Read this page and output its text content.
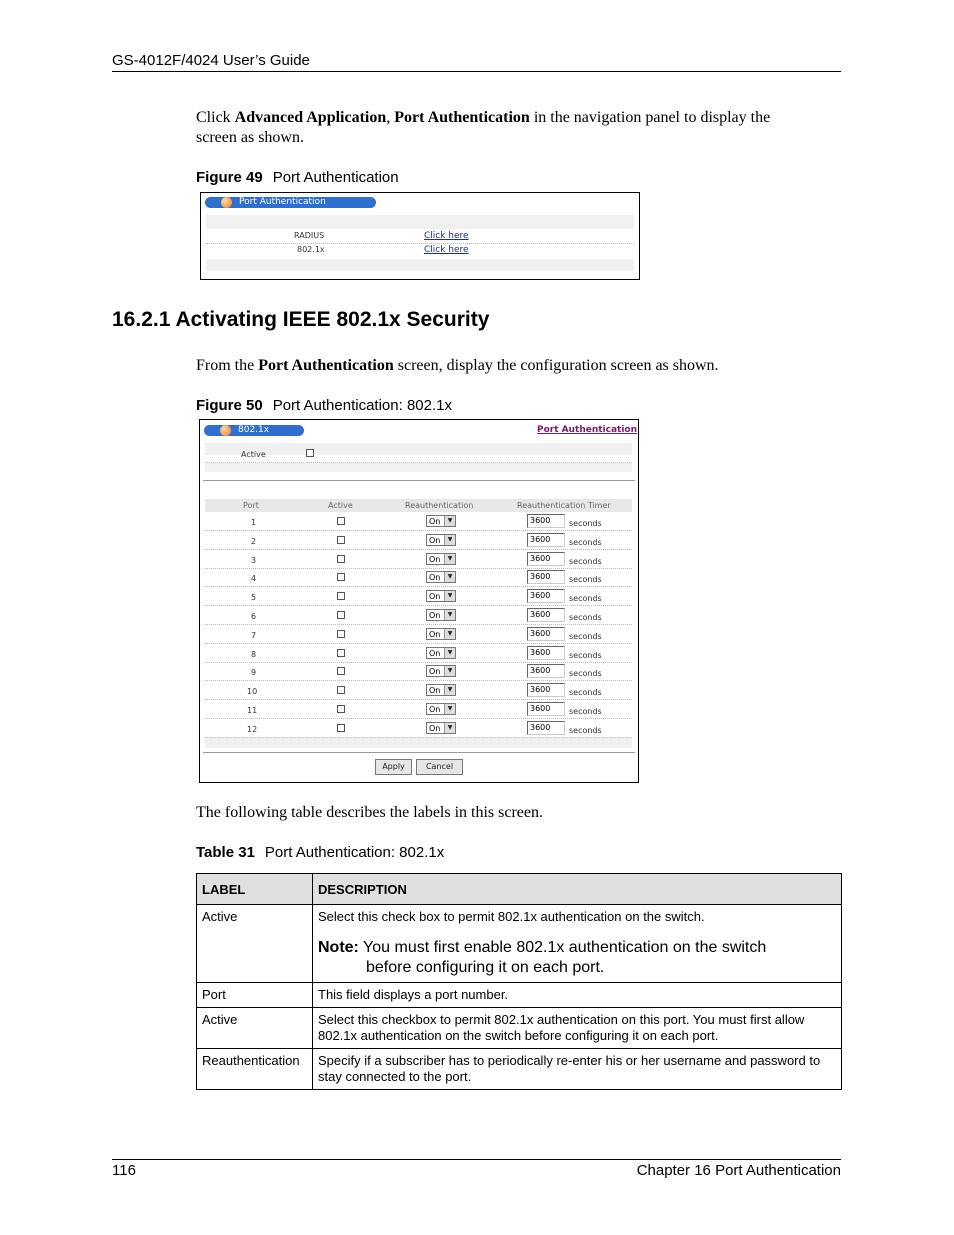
GS-4012F/4024 User’s Guide
Click Advanced Application, Port Authentication in the navigation panel to display the
screen as shown.
Figure 49 Port Authentication
Port Authentication
RADIUS	Click here
802.1x	Click here
16.2.1 Activating IEEE 802.1x Security
From the Port Authentication screen, display the configuration screen as shown.
Figure 50 Port Authentication: 802.1x
802.1x	Port Authentication
Active
Port	Active	Reauthentication	Reauthentication Timer
1	On	▼	3600	seconds
2	On	▼	3600	seconds
3	On	▼	3600	seconds
4	On	▼	3600	seconds
5	On	▼	3600	seconds
6	On	▼	3600	seconds
7	On	▼	3600	seconds
8	On	▼	3600	seconds
9	On	▼	3600	seconds
10	On	▼	3600	seconds
11	On	▼	3600	seconds
12	On	▼	3600	seconds
Apply	Cancel
The following table describes the labels in this screen.
Table 31 Port Authentication: 802.1x
LABEL	DESCRIPTION
Active	Select this check box to permit 802.1x authentication on the switch.
Note: You must first enable 802.1x authentication on the switch
before configuring it on each port.

Port	This field displays a port number.
Active	Select this checkbox to permit 802.1x authentication on this port. You must first allow 802.1x authentication on the switch before configuring it on each port.
Reauthentication	Specify if a subscriber has to periodically re-enter his or her username and password to stay connected to the port.
116	Chapter 16 Port Authentication
